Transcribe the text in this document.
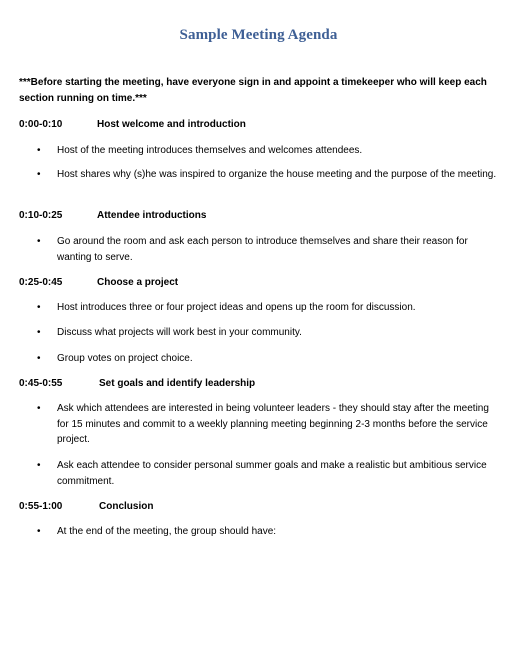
Sample Meeting Agenda
***Before starting the meeting, have everyone sign in and appoint a timekeeper who will keep each section running on time.***
0:00-0:10	Host welcome and introduction
• Host of the meeting introduces themselves and welcomes attendees.
• Host shares why (s)he was inspired to organize the house meeting and the purpose of the meeting.
0:10-0:25	Attendee introductions
• Go around the room and ask each person to introduce themselves and share their reason for wanting to serve.
0:25-0:45	Choose a project
• Host introduces three or four project ideas and opens up the room for discussion.
• Discuss what projects will work best in your community.
• Group votes on project choice.
0:45-0:55	Set goals and identify leadership
• Ask which attendees are interested in being volunteer leaders - they should stay after the meeting for 15 minutes and commit to a weekly planning meeting beginning 2-3 months before the service project.
• Ask each attendee to consider personal summer goals and make a realistic but ambitious service commitment.
0:55-1:00	Conclusion
• At the end of the meeting, the group should have:
